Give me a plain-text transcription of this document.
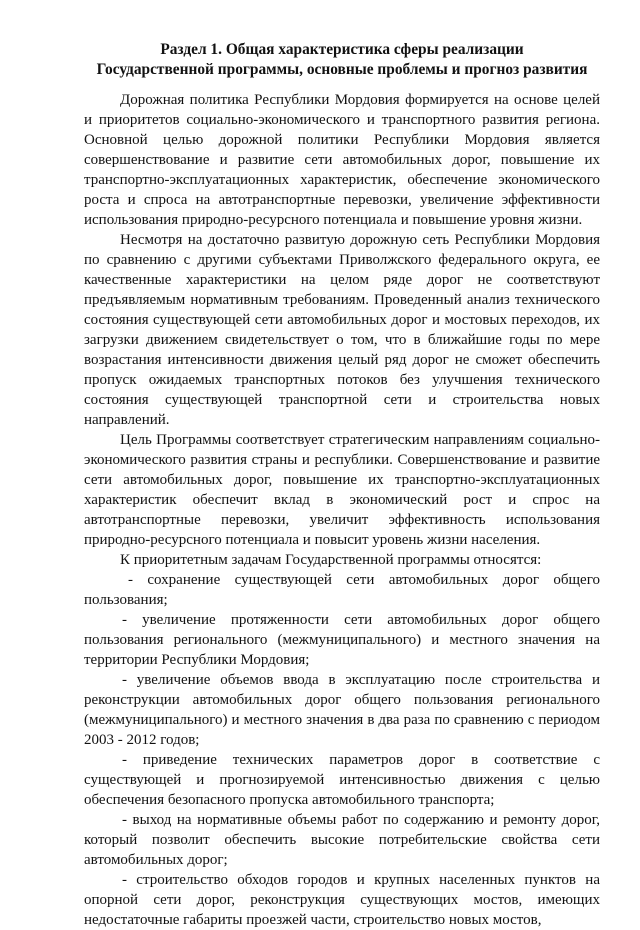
Раздел 1. Общая характеристика сферы реализации
Государственной программы, основные проблемы и прогноз развития

Дорожная политика Республики Мордовия формируется на основе целей и приоритетов социально-экономического и транспортного развития региона. Основной целью дорожной политики Республики Мордовия является совершенствование и развитие сети автомобильных дорог, повышение их транспортно-эксплуатационных характеристик, обеспечение экономического роста и спроса на автотранспортные перевозки, увеличение эффективности использования природно-ресурсного потенциала и повышение уровня жизни.

Несмотря на достаточно развитую дорожную сеть Республики Мордовия по сравнению с другими субъектами Приволжского федерального округа, ее качественные характеристики на целом ряде дорог не соответствуют предъявляемым нормативным требованиям. Проведенный анализ технического состояния существующей сети автомобильных дорог и мостовых переходов, их загрузки движением свидетельствует о том, что в ближайшие годы по мере возрастания интенсивности движения целый ряд дорог не сможет обеспечить пропуск ожидаемых транспортных потоков без улучшения технического состояния существующей транспортной сети и строительства новых направлений.

Цель Программы соответствует стратегическим направлениям социально-экономического развития страны и республики. Совершенствование и развитие сети автомобильных дорог, повышение их транспортно-эксплуатационных характеристик обеспечит вклад в экономический рост и спрос на автотранспортные перевозки, увеличит эффективность использования природно-ресурсного потенциала и повысит уровень жизни населения.

К приоритетным задачам Государственной программы относятся:

- сохранение существующей сети автомобильных дорог общего пользования;

- увеличение протяженности сети автомобильных дорог общего пользования регионального (межмуниципального) и местного значения на территории Республики Мордовия;

- увеличение объемов ввода в эксплуатацию после строительства и реконструкции автомобильных дорог общего пользования регионального (межмуниципального) и местного значения в два раза по сравнению с периодом 2003 - 2012 годов;

- приведение технических параметров дорог в соответствие с существующей и прогнозируемой интенсивностью движения с целью обеспечения безопасного пропуска автомобильного транспорта;

- выход на нормативные объемы работ по содержанию и ремонту дорог, который позволит обеспечить высокие потребительские свойства сети автомобильных дорог;

- строительство обходов городов и крупных населенных пунктов на опорной сети дорог, реконструкция существующих мостов, имеющих недостаточные габариты проезжей части, строительство новых мостов,
